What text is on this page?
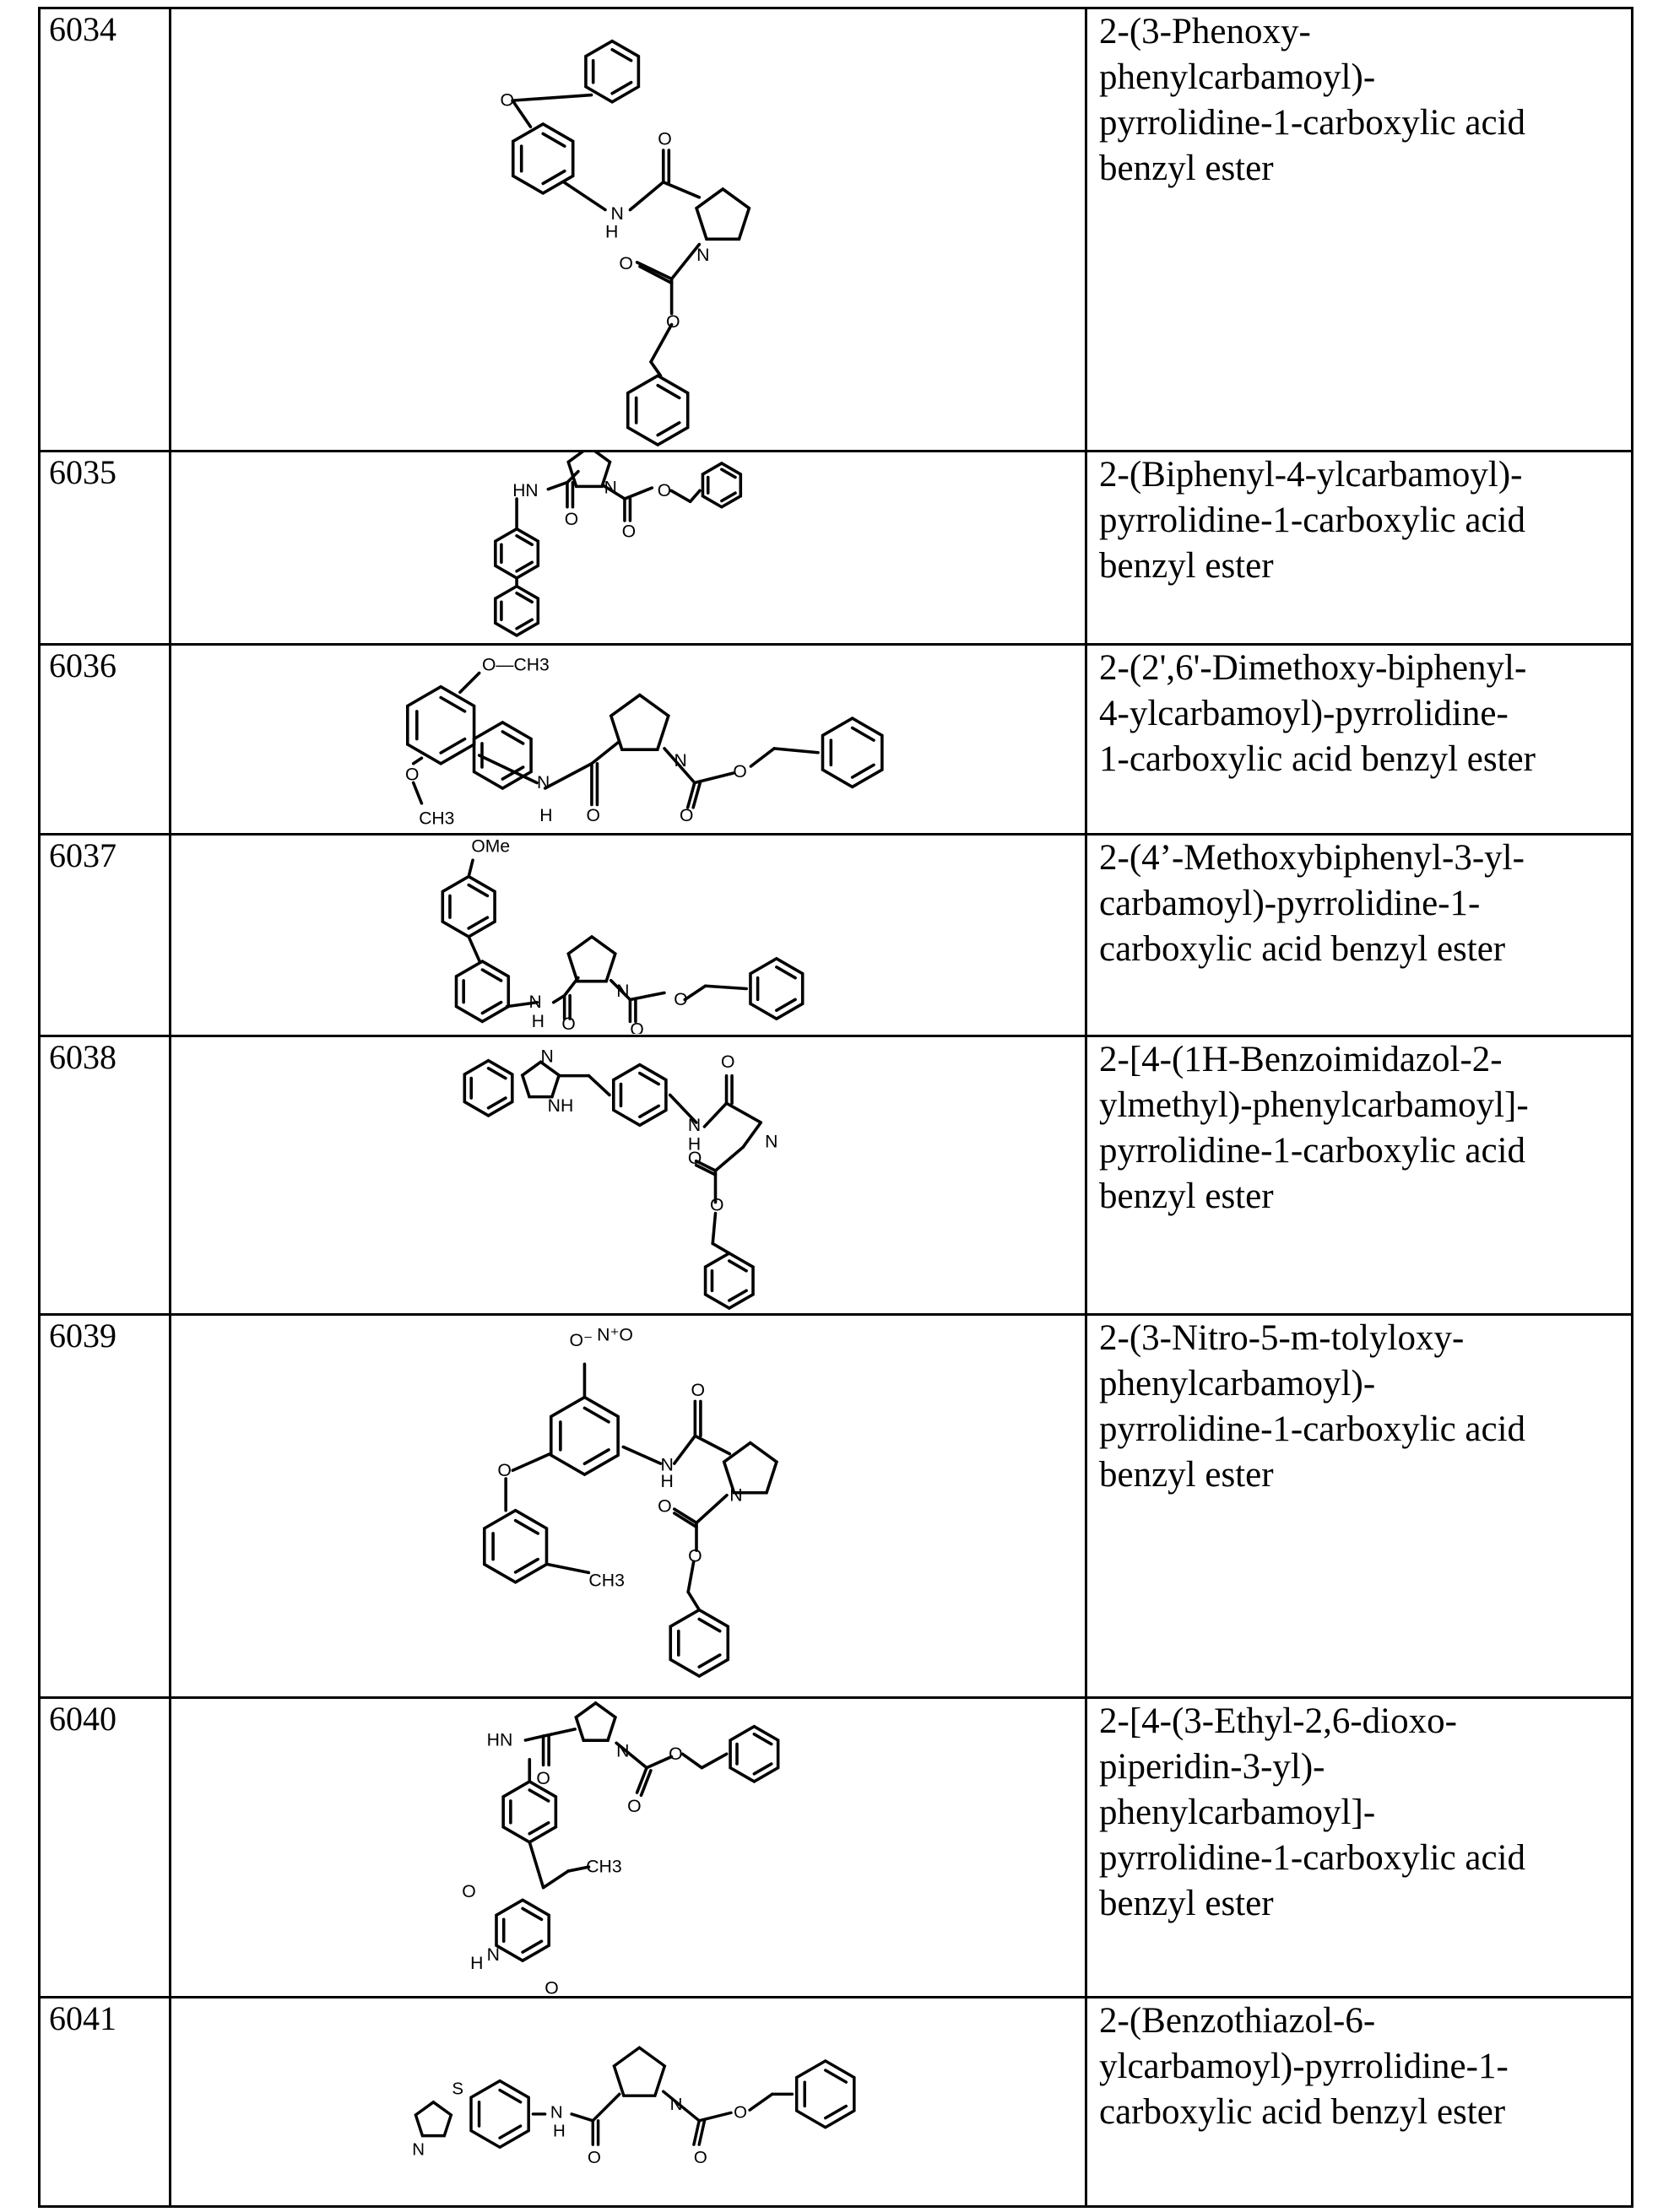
6034	
O
N
H
O
N
O
O
	2-(3-Phenoxy-
phenylcarbamoyl)-
pyrrolidine-1-carboxylic acid
benzyl ester
6035	HN
O
N
O
O	2-(Biphenyl-4-ylcarbamoyl)-
pyrrolidine-1-carboxylic acid
benzyl ester
6036	O—CH3
O
CH3
N
H	O
N
O
O
	2-(2',6'-Dimethoxy-biphenyl-
4-ylcarbamoyl)-pyrrolidine-
1-carboxylic acid benzyl ester
6037	OMe
N
H O
N
O
O
	2-(4’-Methoxybiphenyl-3-yl-
carbamoyl)-pyrrolidine-1-
carboxylic acid benzyl ester
6038	N
NH
N
H
O
N
O
O
	2-[4-(1H-Benzoimidazol-2-
ylmethyl)-phenylcarbamoyl]-
pyrrolidine-1-carboxylic acid
benzyl ester
6039	O⁻ N⁺ O
N
H
O
N
O
O
O
CH3
	2-(3-Nitro-5-m-tolyloxy-
phenylcarbamoyl)-
pyrrolidine-1-carboxylic acid
benzyl ester
6040	
HN
O
N
O
O
CH3
O
N
H
O
	2-[4-(3-Ethyl-2,6-dioxo-
piperidin-3-yl)-
phenylcarbamoyl]-
pyrrolidine-1-carboxylic acid
benzyl ester
6041	
S
N
N
H
O
N
O
O
	2-(Benzothiazol-6-
ylcarbamoyl)-pyrrolidine-1-
carboxylic acid benzyl ester
